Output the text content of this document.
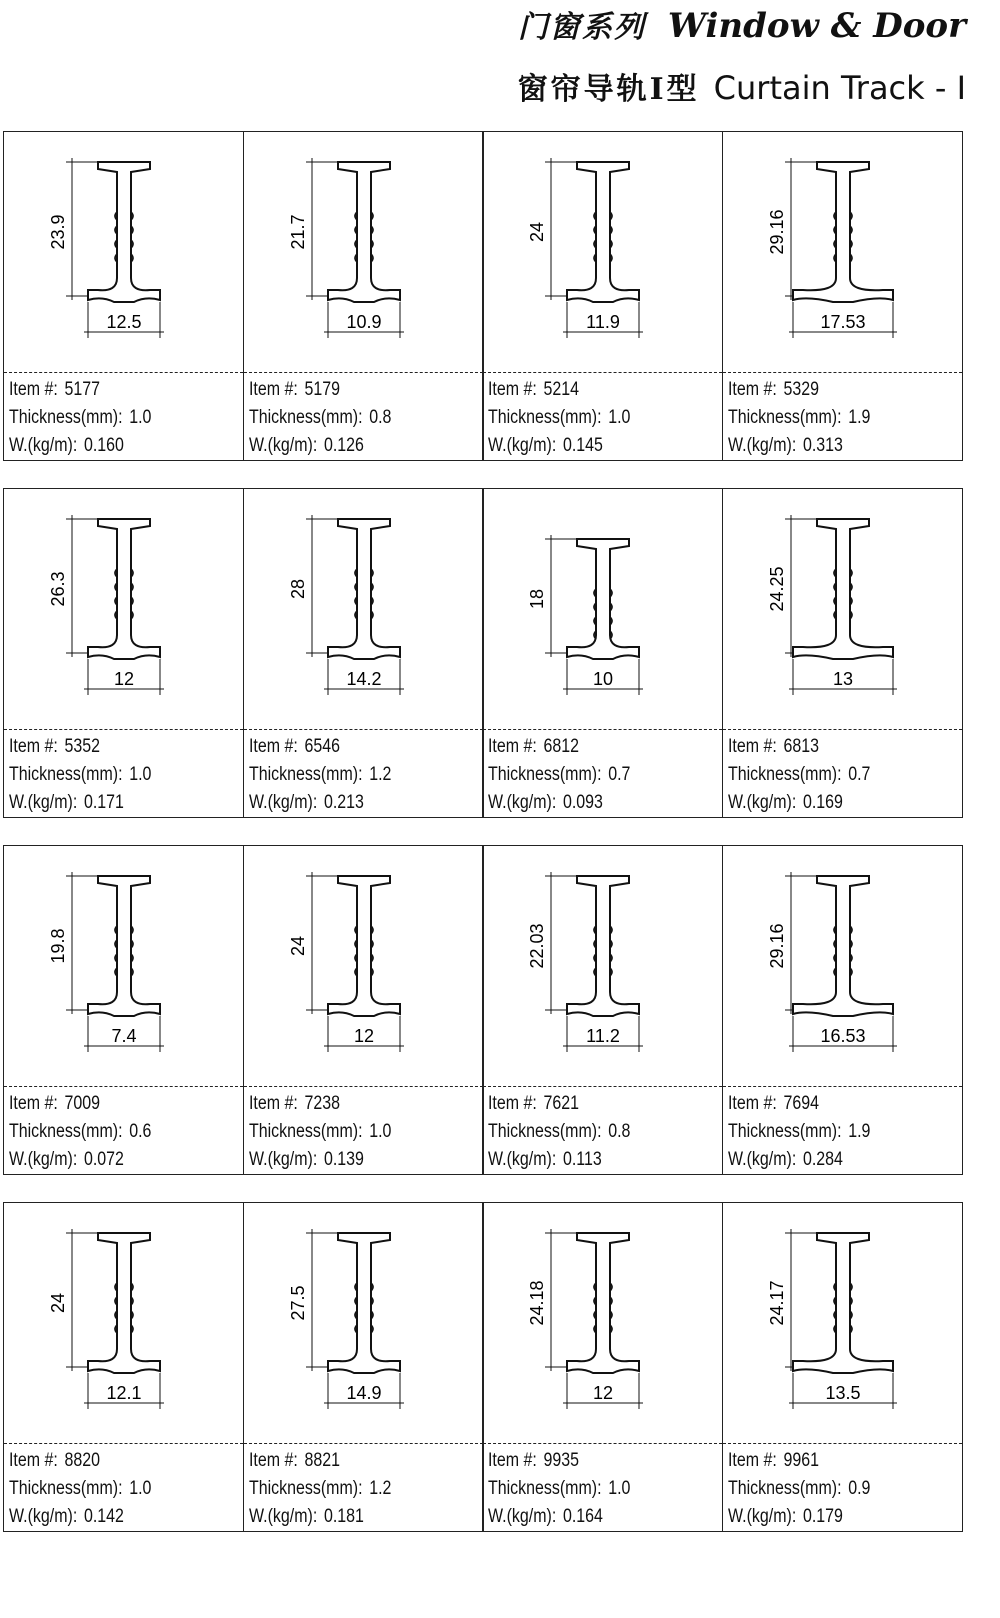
门窗系列 Window & Door
窗帘导轨I型 Curtain Track - I
23.9
12.5
Item #: 5177
Thickness(mm): 1.0
W.(kg/m): 0.160
21.7
10.9
Item #: 5179
Thickness(mm): 0.8
W.(kg/m): 0.126
24
11.9
Item #: 5214
Thickness(mm): 1.0
W.(kg/m): 0.145
29.16
17.53
Item #: 5329
Thickness(mm): 1.9
W.(kg/m): 0.313
26.3
12
Item #: 5352
Thickness(mm): 1.0
W.(kg/m): 0.171
28
14.2
Item #: 6546
Thickness(mm): 1.2
W.(kg/m): 0.213
18
10
Item #: 6812
Thickness(mm): 0.7
W.(kg/m): 0.093
24.25
13
Item #: 6813
Thickness(mm): 0.7
W.(kg/m): 0.169
19.8
7.4
Item #: 7009
Thickness(mm): 0.6
W.(kg/m): 0.072
24
12
Item #: 7238
Thickness(mm): 1.0
W.(kg/m): 0.139
22.03
11.2
Item #: 7621
Thickness(mm): 0.8
W.(kg/m): 0.113
29.16
16.53
Item #: 7694
Thickness(mm): 1.9
W.(kg/m): 0.284
24
12.1
Item #: 8820
Thickness(mm): 1.0
W.(kg/m): 0.142
27.5
14.9
Item #: 8821
Thickness(mm): 1.2
W.(kg/m): 0.181
24.18
12
Item #: 9935
Thickness(mm): 1.0
W.(kg/m): 0.164
24.17
13.5
Item #: 9961
Thickness(mm): 0.9
W.(kg/m): 0.179
